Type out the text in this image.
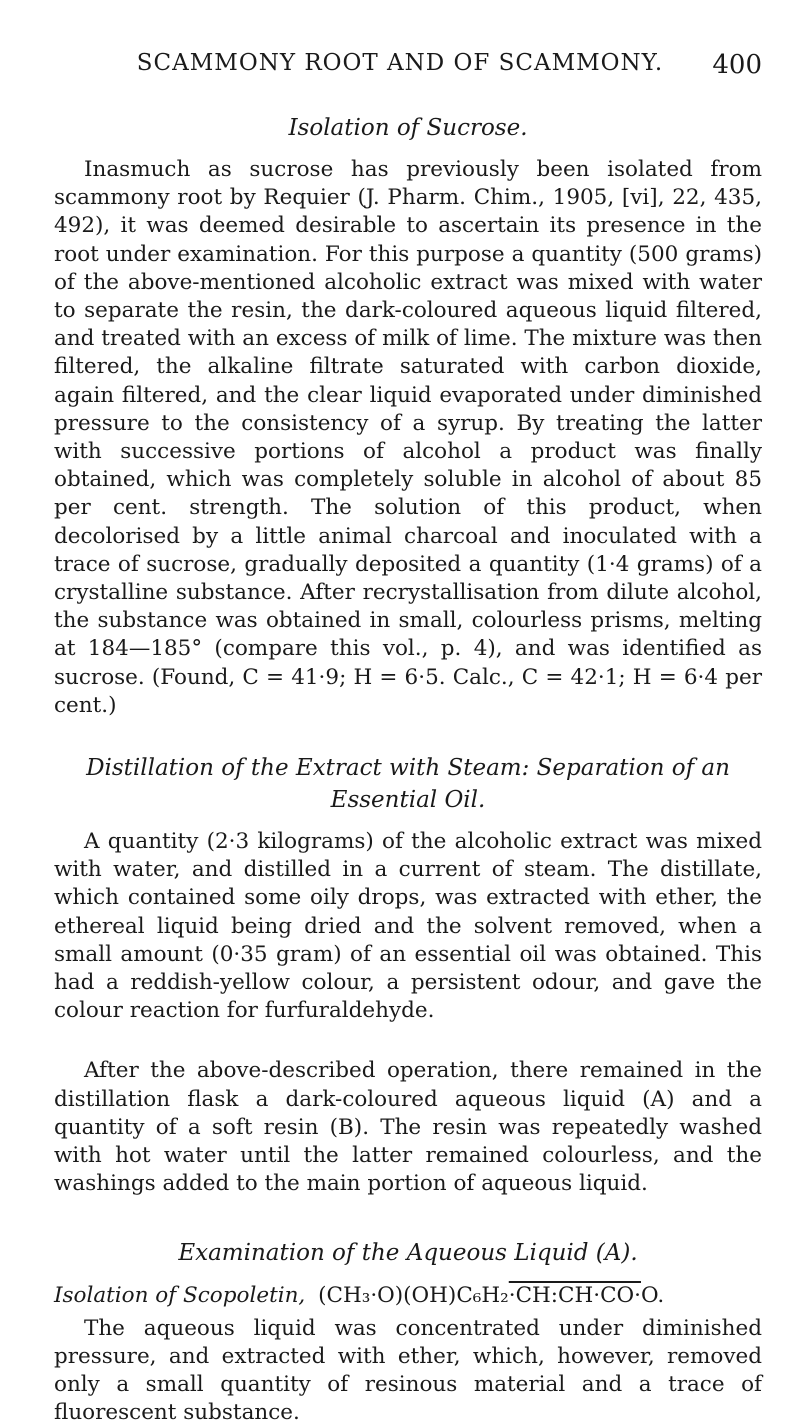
SCAMMONY ROOT AND OF SCAMMONY.	400
Isolation of Sucrose.

Inasmuch as sucrose has previously been isolated from scammony root by Requier (J. Pharm. Chim., 1905, [vi], 22, 435, 492), it was deemed desirable to ascertain its presence in the root under examination. For this purpose a quantity (500 grams) of the above-mentioned alcoholic extract was mixed with water to separate the resin, the dark-coloured aqueous liquid filtered, and treated with an excess of milk of lime. The mixture was then filtered, the alkaline filtrate saturated with carbon dioxide, again filtered, and the clear liquid evaporated under diminished pressure to the consistency of a syrup. By treating the latter with successive portions of alcohol a product was finally obtained, which was completely soluble in alcohol of about 85 per cent. strength. The solution of this product, when decolorised by a little animal charcoal and inoculated with a trace of sucrose, gradually deposited a quantity (1·4 grams) of a crystalline substance. After recrystallisation from dilute alcohol, the substance was obtained in small, colourless prisms, melting at 184—185° (compare this vol., p. 4), and was identified as sucrose. (Found, C = 41·9; H = 6·5. Calc., C = 42·1; H = 6·4 per cent.)

Distillation of the Extract with Steam: Separation of an
Essential Oil.

A quantity (2·3 kilograms) of the alcoholic extract was mixed with water, and distilled in a current of steam. The distillate, which contained some oily drops, was extracted with ether, the ethereal liquid being dried and the solvent removed, when a small amount (0·35 gram) of an essential oil was obtained. This had a reddish-yellow colour, a persistent odour, and gave the colour reaction for furfuraldehyde.

After the above-described operation, there remained in the distillation flask a dark-coloured aqueous liquid (A) and a quantity of a soft resin (B). The resin was repeatedly washed with hot water until the latter remained colourless, and the washings added to the main portion of aqueous liquid.

Examination of the Aqueous Liquid (A).
Isolation of Scopoletin, (CH₃·O)(OH)C₆H₂·CH:CH·CO·O.

The aqueous liquid was concentrated under diminished pressure, and extracted with ether, which, however, removed only a small quantity of resinous material and a trace of fluorescent substance.
